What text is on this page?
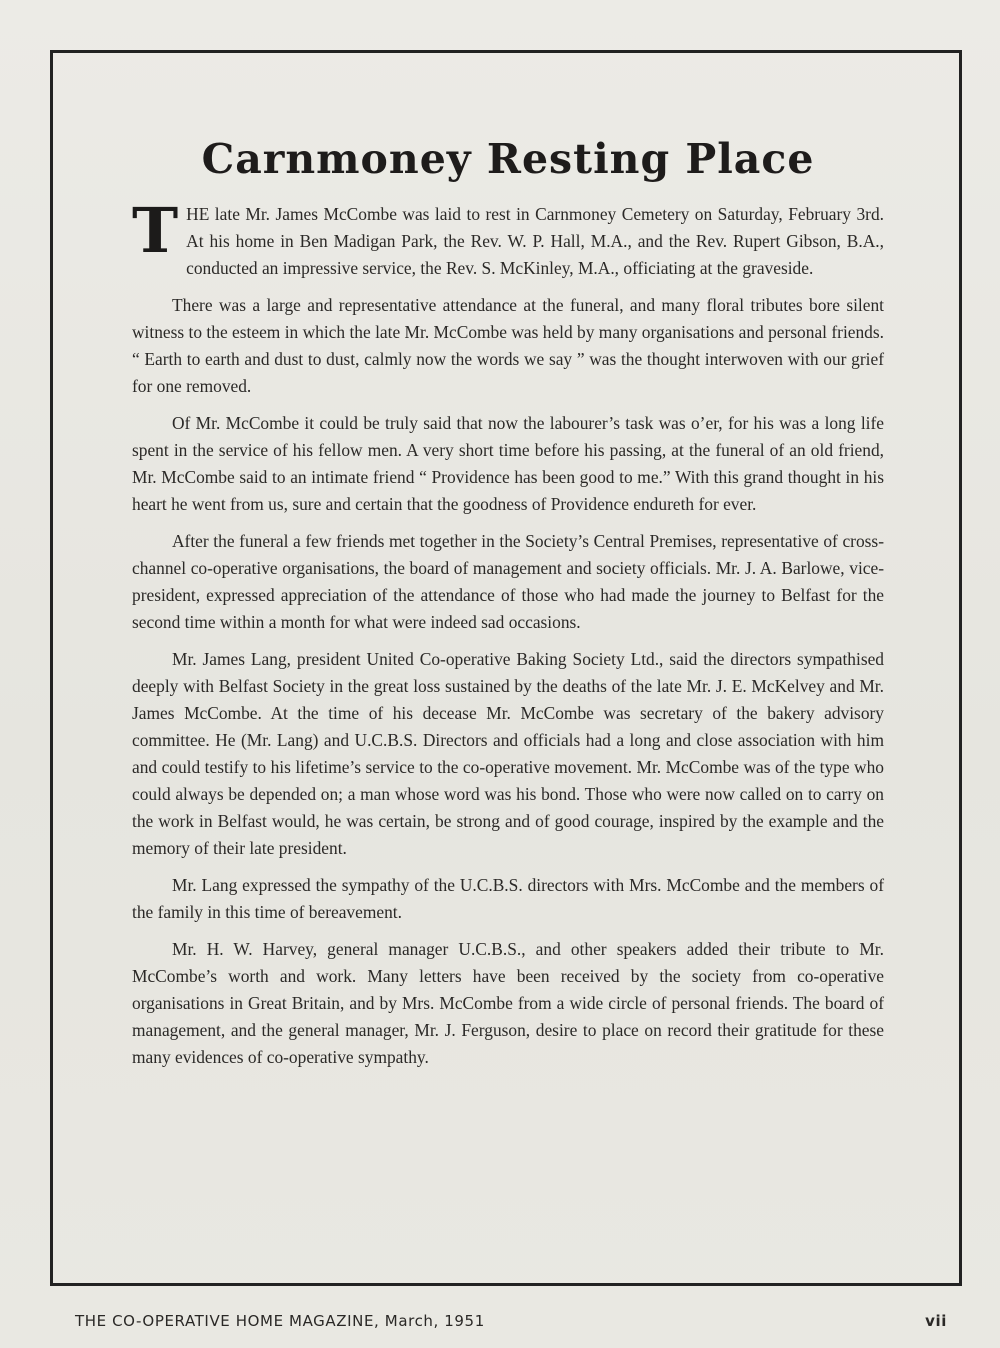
Carnmoney Resting Place

THE late Mr. James McCombe was laid to rest in Carnmoney Cemetery on Saturday, February 3rd. At his home in Ben Madigan Park, the Rev. W. P. Hall, M.A., and the Rev. Rupert Gibson, B.A., conducted an impressive service, the Rev. S. McKinley, M.A., officiating at the graveside.

There was a large and representative attendance at the funeral, and many floral tributes bore silent witness to the esteem in which the late Mr. McCombe was held by many organisations and personal friends. “ Earth to earth and dust to dust, calmly now the words we say ” was the thought interwoven with our grief for one removed.

Of Mr. McCombe it could be truly said that now the labourer’s task was o’er, for his was a long life spent in the service of his fellow men. A very short time before his passing, at the funeral of an old friend, Mr. McCombe said to an intimate friend “ Providence has been good to me.” With this grand thought in his heart he went from us, sure and certain that the goodness of Providence endureth for ever.

After the funeral a few friends met together in the Society’s Central Premises, representative of cross-channel co-operative organisations, the board of management and society officials. Mr. J. A. Barlowe, vice-president, expressed appreciation of the attendance of those who had made the journey to Belfast for the second time within a month for what were indeed sad occasions.

Mr. James Lang, president United Co-operative Baking Society Ltd., said the directors sympathised deeply with Belfast Society in the great loss sustained by the deaths of the late Mr. J. E. McKelvey and Mr. James McCombe. At the time of his decease Mr. McCombe was secretary of the bakery advisory committee. He (Mr. Lang) and U.C.B.S. Directors and officials had a long and close association with him and could testify to his lifetime’s service to the co-operative movement. Mr. McCombe was of the type who could always be depended on; a man whose word was his bond. Those who were now called on to carry on the work in Belfast would, he was certain, be strong and of good courage, inspired by the example and the memory of their late president.

Mr. Lang expressed the sympathy of the U.C.B.S. directors with Mrs. McCombe and the members of the family in this time of bereavement.

Mr. H. W. Harvey, general manager U.C.B.S., and other speakers added their tribute to Mr. McCombe’s worth and work. Many letters have been received by the society from co-operative organisations in Great Britain, and by Mrs. McCombe from a wide circle of personal friends. The board of management, and the general manager, Mr. J. Ferguson, desire to place on record their gratitude for these many evidences of co-operative sympathy.

THE CO-OPERATIVE HOME MAGAZINE, March, 1951	vii
